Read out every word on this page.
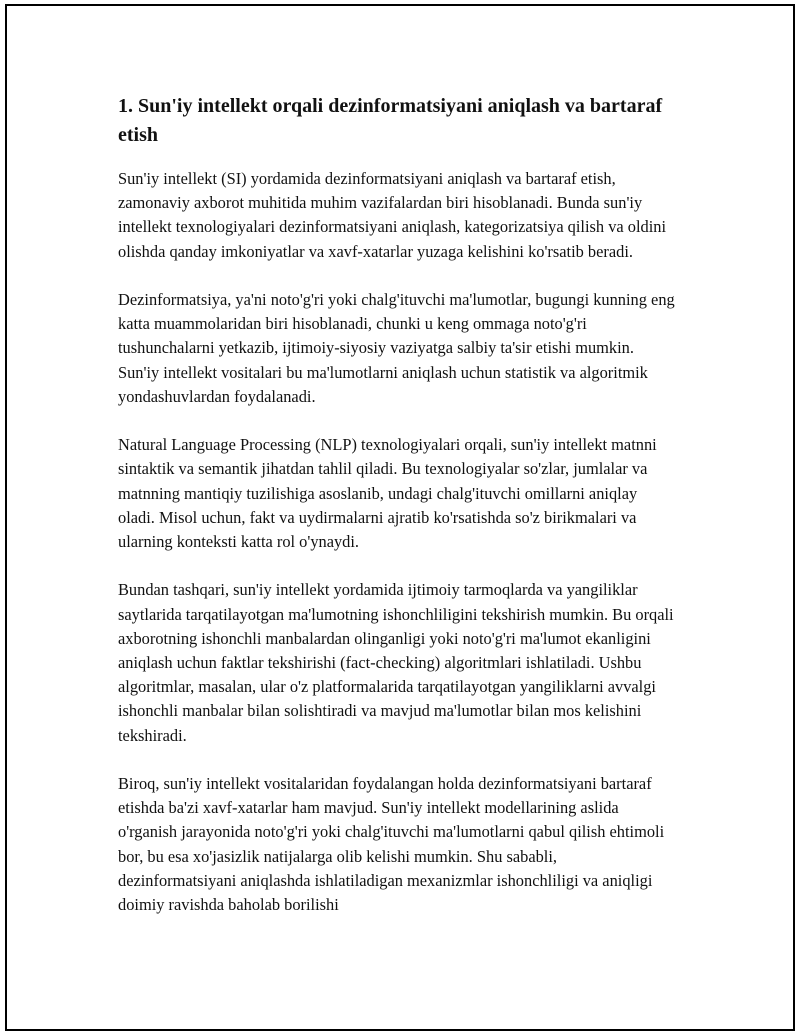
1. Sun'iy intellekt orqali dezinformatsiyani aniqlash va bartaraf etish

Sun'iy intellekt (SI) yordamida dezinformatsiyani aniqlash va bartaraf etish, zamonaviy axborot muhitida muhim vazifalardan biri hisoblanadi. Bunda sun'iy intellekt texnologiyalari dezinformatsiyani aniqlash, kategorizatsiya qilish va oldini olishda qanday imkoniyatlar va xavf-xatarlar yuzaga kelishini ko'rsatib beradi.

Dezinformatsiya, ya'ni noto'g'ri yoki chalg'ituvchi ma'lumotlar, bugungi kunning eng katta muammolaridan biri hisoblanadi, chunki u keng ommaga noto'g'ri tushunchalarni yetkazib, ijtimoiy-siyosiy vaziyatga salbiy ta'sir etishi mumkin. Sun'iy intellekt vositalari bu ma'lumotlarni aniqlash uchun statistik va algoritmik yondashuvlardan foydalanadi.

Natural Language Processing (NLP) texnologiyalari orqali, sun'iy intellekt matnni sintaktik va semantik jihatdan tahlil qiladi. Bu texnologiyalar so'zlar, jumlalar va matnning mantiqiy tuzilishiga asoslanib, undagi chalg'ituvchi omillarni aniqlay oladi. Misol uchun, fakt va uydirmalarni ajratib ko'rsatishda so'z birikmalari va ularning konteksti katta rol o'ynaydi.

Bundan tashqari, sun'iy intellekt yordamida ijtimoiy tarmoqlarda va yangiliklar saytlarida tarqatilayotgan ma'lumotning ishonchliligini tekshirish mumkin. Bu orqali axborotning ishonchli manbalardan olinganligi yoki noto'g'ri ma'lumot ekanligini aniqlash uchun faktlar tekshirishi (fact-checking) algoritmlari ishlatiladi. Ushbu algoritmlar, masalan, ular o'z platformalarida tarqatilayotgan yangiliklarni avvalgi ishonchli manbalar bilan solishtiradi va mavjud ma'lumotlar bilan mos kelishini tekshiradi.

Biroq, sun'iy intellekt vositalaridan foydalangan holda dezinformatsiyani bartaraf etishda ba'zi xavf-xatarlar ham mavjud. Sun'iy intellekt modellarining aslida o'rganish jarayonida noto'g'ri yoki chalg'ituvchi ma'lumotlarni qabul qilish ehtimoli bor, bu esa xo'jasizlik natijalarga olib kelishi mumkin. Shu sababli, dezinformatsiyani aniqlashda ishlatiladigan mexanizmlar ishonchliligi va aniqligi doimiy ravishda baholab borilishi
